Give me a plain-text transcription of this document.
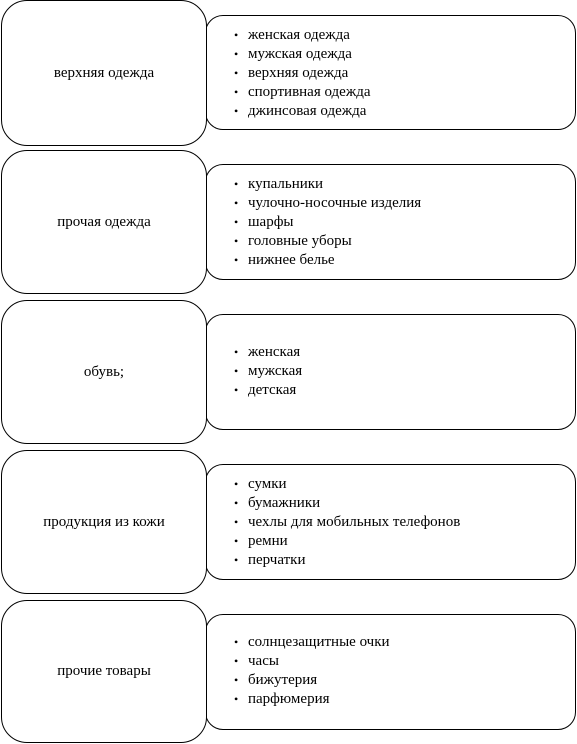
верхняя одежда
• женская одежда
• мужская одежда
• верхняя одежда
• спортивная одежда
• джинсовая одежда
прочая одежда
• купальники
• чулочно-носочные изделия
• шарфы
• головные уборы
• нижнее белье
обувь;
• женская
• мужская
• детская
продукция из кожи
• сумки
• бумажники
• чехлы для мобильных телефонов
• ремни
• перчатки
прочие товары
• солнцезащитные очки
• часы
• бижутерия
• парфюмерия
